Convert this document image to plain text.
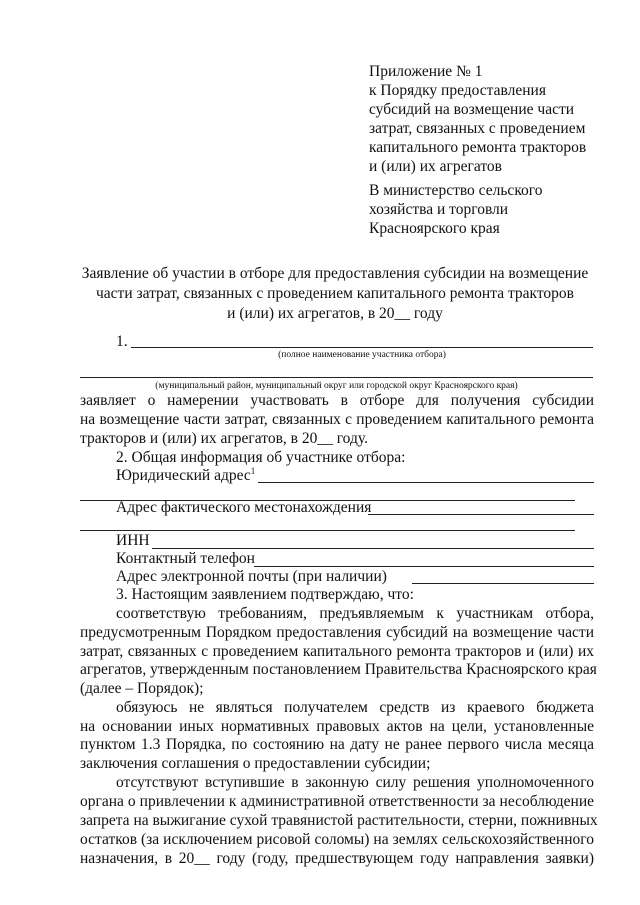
Приложение № 1
к Порядку предоставления
субсидий на возмещение части
затрат, связанных с проведением
капитального ремонта тракторов
и (или) их агрегатов
В министерство сельского
хозяйства и торговли
Красноярского края
Заявление об участии в отборе для предоставления субсидии на возмещение
части затрат, связанных с проведением капитального ремонта тракторов
и (или) их агрегатов, в 20__ году
1.
(полное наименование участника отбора)
(муниципальный район, муниципальный округ или городской округ Красноярского края)
заявляет о намерении участвовать в отборе для получения субсидии
на возмещение части затрат, связанных с проведением капитального ремонта
тракторов и (или) их агрегатов, в 20__ году.
2. Общая информация об участнике отбора:
Юридический адрес$^1$
Адрес фактического местонахождения
ИНН
Контактный телефон
Адрес электронной почты (при наличии)
3. Настоящим заявлением подтверждаю, что:
соответствую требованиям, предъявляемым к участникам отбора,
предусмотренным Порядком предоставления субсидий на возмещение части
затрат, связанных с проведением капитального ремонта тракторов и (или) их
агрегатов, утвержденным постановлением Правительства Красноярского края
(далее – Порядок);
обязуюсь не являться получателем средств из краевого бюджета
на основании иных нормативных правовых актов на цели, установленные
пунктом 1.3 Порядка, по состоянию на дату не ранее первого числа месяца
заключения соглашения о предоставлении субсидии;
отсутствуют вступившие в законную силу решения уполномоченного
органа о привлечении к административной ответственности за несоблюдение
запрета на выжигание сухой травянистой растительности, стерни, пожнивных
остатков (за исключением рисовой соломы) на землях сельскохозяйственного
назначения, в 20__ году (году, предшествующем году направления заявки)
